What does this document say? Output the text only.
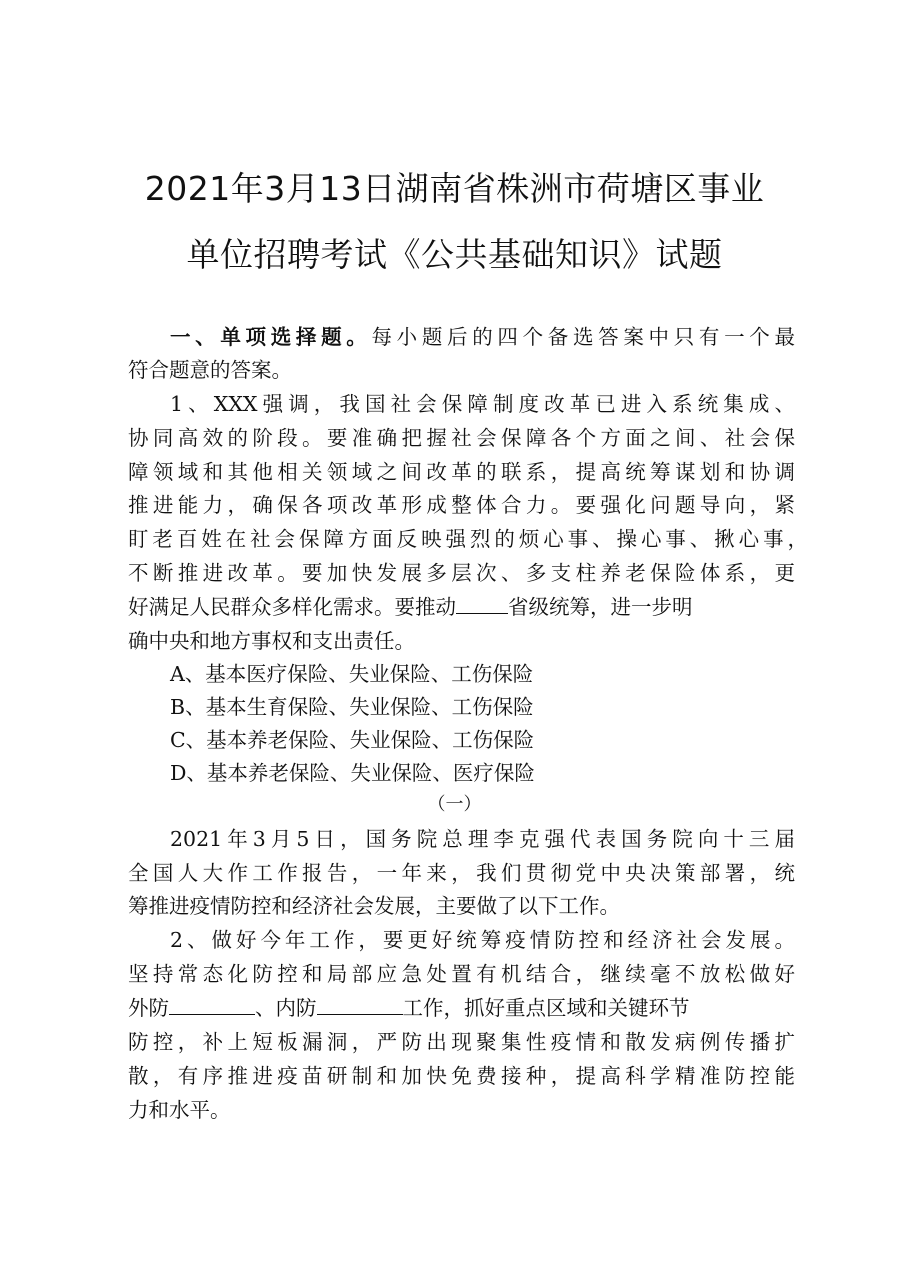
2021年3月13日湖南省株洲市荷塘区事业
单位招聘考试《公共基础知识》试题
一、单项选择题。每小题后的四个备选答案中只有一个最
符合题意的答案。
1、XXX强调，我国社会保障制度改革已进入系统集成、
协同高效的阶段。要准确把握社会保障各个方面之间、社会保
障领域和其他相关领域之间改革的联系，提高统筹谋划和协调
推进能力，确保各项改革形成整体合力。要强化问题导向，紧
盯老百姓在社会保障方面反映强烈的烦心事、操心事、揪心事，
不断推进改革。要加快发展多层次、多支柱养老保险体系，更
好满足人民群众多样化需求。要推动	省级统筹，进一步明
确中央和地方事权和支出责任。
A、基本医疗保险、失业保险、工伤保险
B、基本生育保险、失业保险、工伤保险
C、基本养老保险、失业保险、工伤保险
D、基本养老保险、失业保险、医疗保险
（一）
2021年3月5日，国务院总理李克强代表国务院向十三届
全国人大作工作报告，一年来，我们贯彻党中央决策部署，统
筹推进疫情防控和经济社会发展，主要做了以下工作。
2、做好今年工作，要更好统筹疫情防控和经济社会发展。
坚持常态化防控和局部应急处置有机结合，继续毫不放松做好
外防	、内防	工作，抓好重点区域和关键环节
防控，补上短板漏洞，严防出现聚集性疫情和散发病例传播扩
散，有序推进疫苗研制和加快免费接种，提高科学精准防控能
力和水平。
